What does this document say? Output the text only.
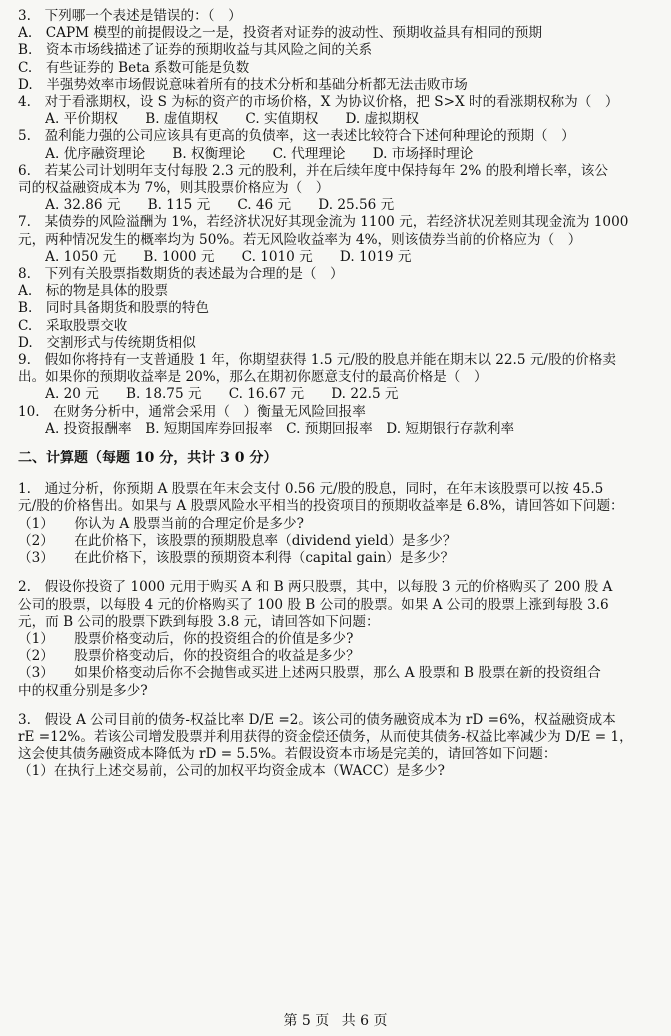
3.　下列哪一个表述是错误的：（　）
A.　CAPM 模型的前提假设之一是，投资者对证券的波动性、预期收益具有相同的预期
B.　资本市场线描述了证券的预期收益与其风险之间的关系
C.　有些证券的 Beta 系数可能是负数
D.　半强势效率市场假说意味着所有的技术分析和基础分析都无法击败市场
4.　对于看涨期权，设 S 为标的资产的市场价格，X 为协议价格，把 S>X 时的看涨期权称为（　）
　　A. 平价期权　　B. 虚值期权　　C. 实值期权　　D. 虚拟期权
5.　盈利能力强的公司应该具有更高的负债率，这一表述比较符合下述何种理论的预期（　）
　　A. 优序融资理论　　B. 权衡理论　　C. 代理理论　　D. 市场择时理论
6.　若某公司计划明年支付每股 2.3 元的股利，并在后续年度中保持每年 2% 的股利增长率，该公
司的权益融资成本为 7%，则其股票价格应为（　）
　　A. 32.86 元　　B. 115 元　　C. 46 元　　D. 25.56 元
7.　某债券的风险溢酬为 1%，若经济状况好其现金流为 1100 元，若经济状况差则其现金流为 1000
元，两种情况发生的概率均为 50%。若无风险收益率为 4%，则该债券当前的价格应为（　）
　　A. 1050 元　　B. 1000 元　　C. 1010 元　　D. 1019 元
8.　下列有关股票指数期货的表述最为合理的是（　）
A.　标的物是具体的股票
B.　同时具备期货和股票的特色
C.　采取股票交收
D.　交割形式与传统期货相似
9.　假如你将持有一支普通股 1 年，你期望获得 1.5 元/股的股息并能在期末以 22.5 元/股的价格卖
出。如果你的预期收益率是 20%，那么在期初你愿意支付的最高价格是（　）
　　A. 20 元　　B. 18.75 元　　C. 16.67 元　　D. 22.5 元
10.　在财务分析中，通常会采用（　）衡量无风险回报率
　　A. 投资报酬率　B. 短期国库券回报率　C. 预期回报率　D. 短期银行存款利率
二、计算题（每题 10 分，共计 3 0 分）
1.　通过分析，你预期 A 股票在年末会支付 0.56 元/股的股息，同时，在年末该股票可以按 45.5
元/股的价格售出。如果与 A 股票风险水平相当的投资项目的预期收益率是 6.8%，请回答如下问题：
（1）　　你认为 A 股票当前的合理定价是多少?
（2）　　在此价格下，该股票的预期股息率（dividend yield）是多少？
（3）　　在此价格下，该股票的预期资本利得（capital gain）是多少？
2.　假设你投资了 1000 元用于购买 A 和 B 两只股票，其中，以每股 3 元的价格购买了 200 股 A
公司的股票，以每股 4 元的价格购买了 100 股 B 公司的股票。如果 A 公司的股票上涨到每股 3.6
元，而 B 公司的股票下跌到每股 3.8 元，请回答如下问题：
（1）　　股票价格变动后，你的投资组合的价值是多少?
（2）　　股票价格变动后，你的投资组合的收益是多少？
（3）　　如果价格变动后你不会抛售或买进上述两只股票，那么 A 股票和 B 股票在新的投资组合
中的权重分别是多少?
3.　假设 A 公司目前的债务-权益比率 D/E =2。该公司的债务融资成本为 rD =6%，权益融资成本
rE =12%。若该公司增发股票并利用获得的资金偿还债务，从而使其债务-权益比率减少为 D/E = 1，
这会使其债务融资成本降低为 rD = 5.5%。若假设资本市场是完美的，请回答如下问题：
（1）在执行上述交易前，公司的加权平均资金成本（WACC）是多少?
第 5 页 共 6 页
